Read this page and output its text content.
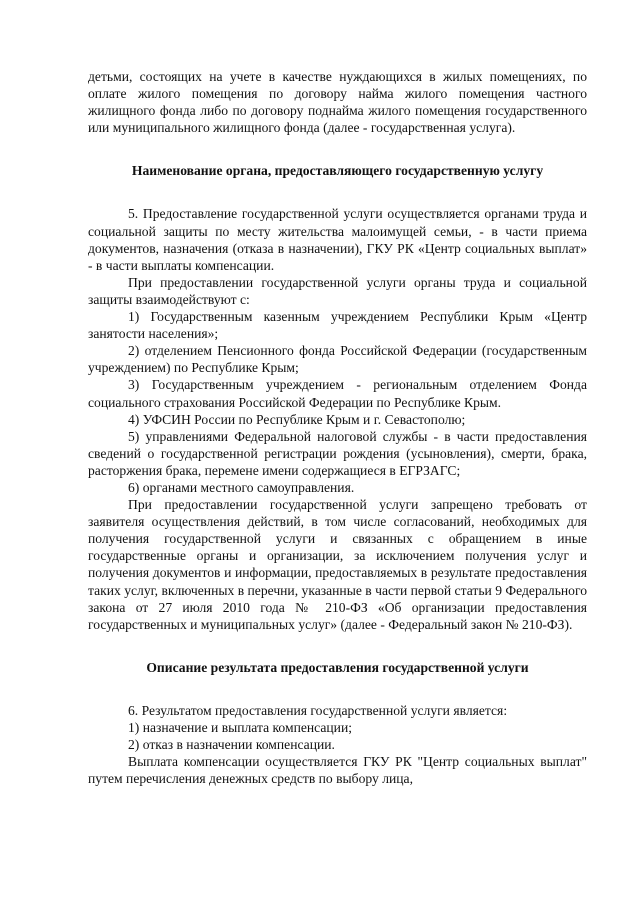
детьми, состоящих на учете в качестве нуждающихся в жилых помещениях, по оплате жилого помещения по договору найма жилого помещения частного жилищного фонда либо по договору поднайма жилого помещения государственного или муниципального жилищного фонда (далее - государственная услуга).

Наименование органа, предоставляющего государственную услугу

5. Предоставление государственной услуги осуществляется органами труда и социальной защиты по месту жительства малоимущей семьи, - в части приема документов, назначения (отказа в назначении), ГКУ РК «Центр социальных выплат» - в части выплаты компенсации.

При предоставлении государственной услуги органы труда и социальной защиты взаимодействуют с:

1) Государственным казенным учреждением Республики Крым «Центр занятости населения»;

2) отделением Пенсионного фонда Российской Федерации (государственным учреждением) по Республике Крым;

3) Государственным учреждением - региональным отделением Фонда социального страхования Российской Федерации по Республике Крым.

4) УФСИН России по Республике Крым и г. Севастополю;

5) управлениями Федеральной налоговой службы - в части предоставления сведений о государственной регистрации рождения (усыновления), смерти, брака, расторжения брака, перемене имени содержащиеся в ЕГРЗАГС;

6) органами местного самоуправления.

При предоставлении государственной услуги запрещено требовать от заявителя осуществления действий, в том числе согласований, необходимых для получения государственной услуги и связанных с обращением в иные государственные органы и организации, за исключением получения услуг и получения документов и информации, предоставляемых в результате предоставления таких услуг, включенных в перечни, указанные в части первой статьи 9 Федерального закона от 27 июля 2010 года № 210-ФЗ «Об организации предоставления государственных и муниципальных услуг» (далее - Федеральный закон № 210-ФЗ).

Описание результата предоставления государственной услуги

6. Результатом предоставления государственной услуги является:

1) назначение и выплата компенсации;

2) отказ в назначении компенсации.

Выплата компенсации осуществляется ГКУ РК "Центр социальных выплат" путем перечисления денежных средств по выбору лица,
